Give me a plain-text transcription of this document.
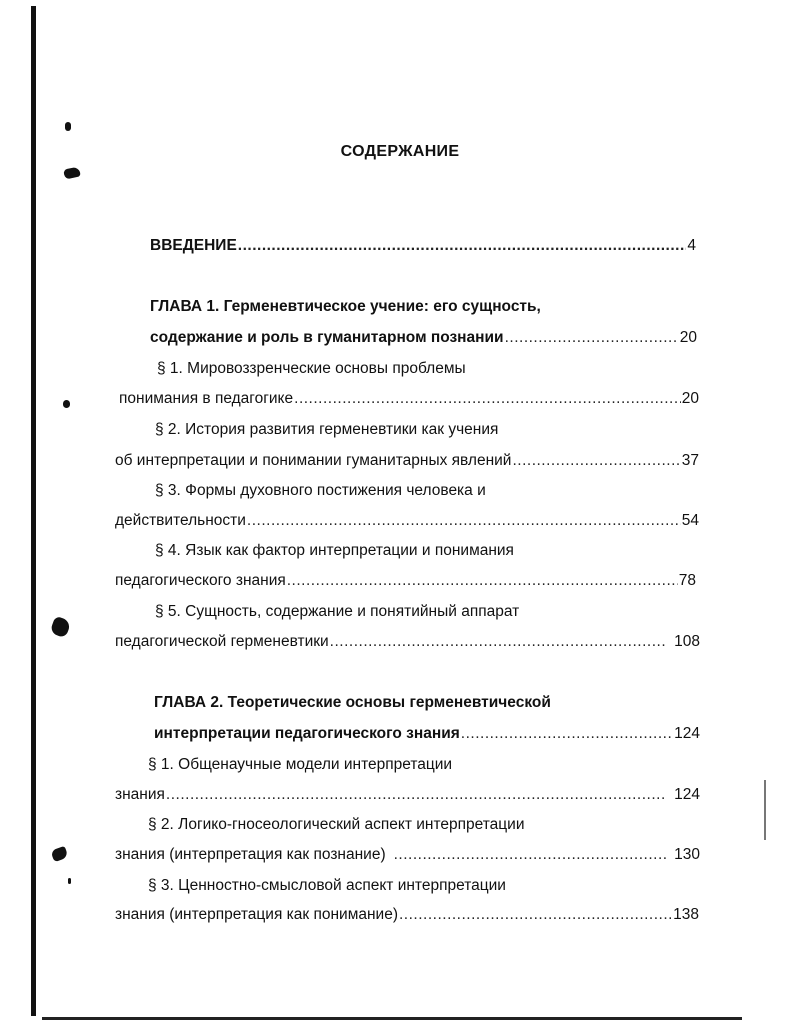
СОДЕРЖАНИЕ
ВВЕДЕНИЕ .....	4
ГЛАВА 1. Герменевтическое учение: его сущность,
содержание и роль в гуманитарном познании .....	20
§ 1. Мировоззренческие основы проблемы
понимания в педагогике .....	20
§ 2. История развития герменевтики как учения
об интерпретации и понимании гуманитарных явлений .....	37
§ 3. Формы духовного постижения человека и
действительности .....	54
§ 4. Язык как фактор интерпретации и понимания
педагогического знания .....	78
§ 5. Сущность, содержание и понятийный аппарат
педагогической герменевтики .....	108
ГЛАВА 2. Теоретические основы герменевтической
интерпретации педагогического знания .....	124
§ 1. Общенаучные модели интерпретации
знания .....	124
§ 2. Логико-гносеологический аспект интерпретации
знания (интерпретация как познание) .....	130
§ 3. Ценностно-смысловой аспект интерпретации
знания (интерпретация как понимание) .....	138
